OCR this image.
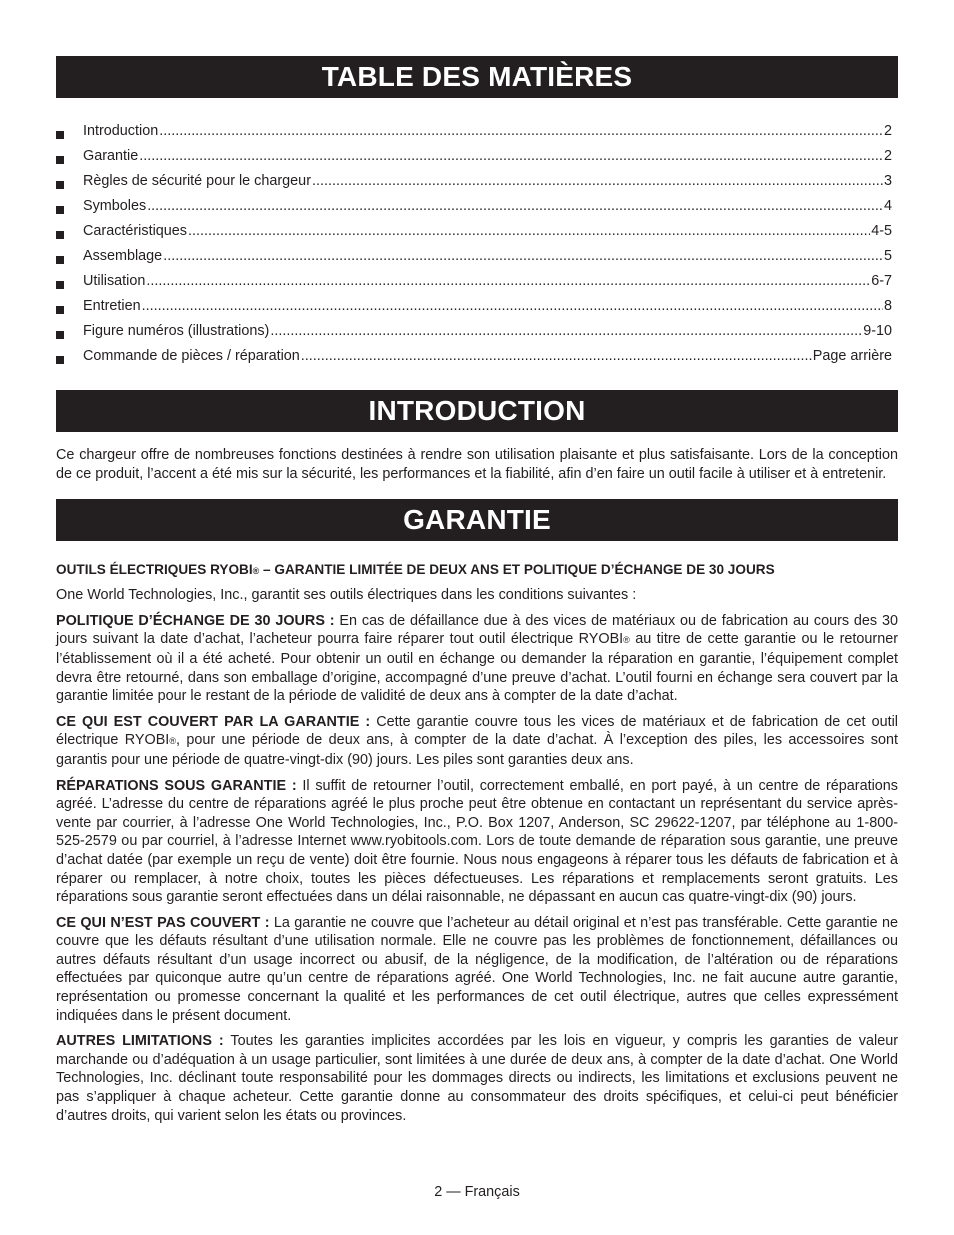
TABLE DES MATIÈRES
Introduction .....	2
Garantie .....	2
Règles de sécurité pour le chargeur .....	3
Symboles .....	4
Caractéristiques .....	4-5
Assemblage .....	5
Utilisation .....	6-7
Entretien .....	8
Figure numéros (illustrations) .....	9-10
Commande de pièces / réparation .....	Page arrière
INTRODUCTION

Ce chargeur offre de nombreuses fonctions destinées à rendre son utilisation plaisante et plus satisfaisante. Lors de la conception de ce produit, l’accent a été mis sur la sécurité, les performances et la fiabilité, afin d’en faire un outil facile à utiliser et à entretenir.

GARANTIE

OUTILS ÉLECTRIQUES RYOBI® – GARANTIE LIMITÉE DE DEUX ANS ET POLITIQUE D’ÉCHANGE DE 30 JOURS

One World Technologies, Inc., garantit ses outils électriques dans les conditions suivantes :

POLITIQUE D’ÉCHANGE DE 30 JOURS : En cas de défaillance due à des vices de matériaux ou de fabrication au cours des 30 jours suivant la date d’achat, l’acheteur pourra faire réparer tout outil électrique RYOBI® au titre de cette garantie ou le retourner l’établissement où il a été acheté. Pour obtenir un outil en échange ou demander la réparation en garantie, l’équipement complet devra être retourné, dans son emballage d’origine, accompagné d’une preuve d’achat. L’outil fourni en échange sera couvert par la garantie limitée pour le restant de la période de validité de deux ans à compter de la date d’achat.

CE QUI EST COUVERT PAR LA GARANTIE : Cette garantie couvre tous les vices de matériaux et de fabrication de cet outil électrique RYOBI®, pour une période de deux ans, à compter de la date d’achat. À l’exception des piles, les accessoires sont garantis pour une période de quatre-vingt-dix (90) jours. Les piles sont garanties deux ans.

RÉPARATIONS SOUS GARANTIE : Il suffit de retourner l’outil, correctement emballé, en port payé, à un centre de réparations agréé. L’adresse du centre de réparations agréé le plus proche peut être obtenue en contactant un représentant du service après-vente par courrier, à l’adresse One World Technologies, Inc., P.O. Box 1207, Anderson, SC 29622-1207, par téléphone au 1-800-525-2579 ou par courriel, à l’adresse Internet www.ryobitools.com. Lors de toute demande de réparation sous garantie, une preuve d’achat datée (par exemple un reçu de vente) doit être fournie. Nous nous engageons à réparer tous les défauts de fabrication et à réparer ou remplacer, à notre choix, toutes les pièces défectueuses. Les réparations et remplacements seront gratuits. Les réparations sous garantie seront effectuées dans un délai raisonnable, ne dépassant en aucun cas quatre-vingt-dix (90) jours.

CE QUI N’EST PAS COUVERT : La garantie ne couvre que l’acheteur au détail original et n’est pas transférable. Cette garantie ne couvre que les défauts résultant d’une utilisation normale. Elle ne couvre pas les problèmes de fonctionnement, défaillances ou autres défauts résultant d’un usage incorrect ou abusif, de la négligence, de la modification, de l’altération ou de réparations effectuées par quiconque autre qu’un centre de réparations agréé. One World Technologies, Inc. ne fait aucune autre garantie, représentation ou promesse concernant la qualité et les performances de cet outil électrique, autres que celles expressément indiquées dans le présent document.

AUTRES LIMITATIONS : Toutes les garanties implicites accordées par les lois en vigueur, y compris les garanties de valeur marchande ou d’adéquation à un usage particulier, sont limitées à une durée de deux ans, à compter de la date d’achat. One World Technologies, Inc. déclinant toute responsabilité pour les dommages directs ou indirects, les limitations et exclusions peuvent ne pas s’appliquer à chaque acheteur. Cette garantie donne au consommateur des droits spécifiques, et celui-ci peut bénéficier d’autres droits, qui varient selon les états ou provinces.

2 — Français
